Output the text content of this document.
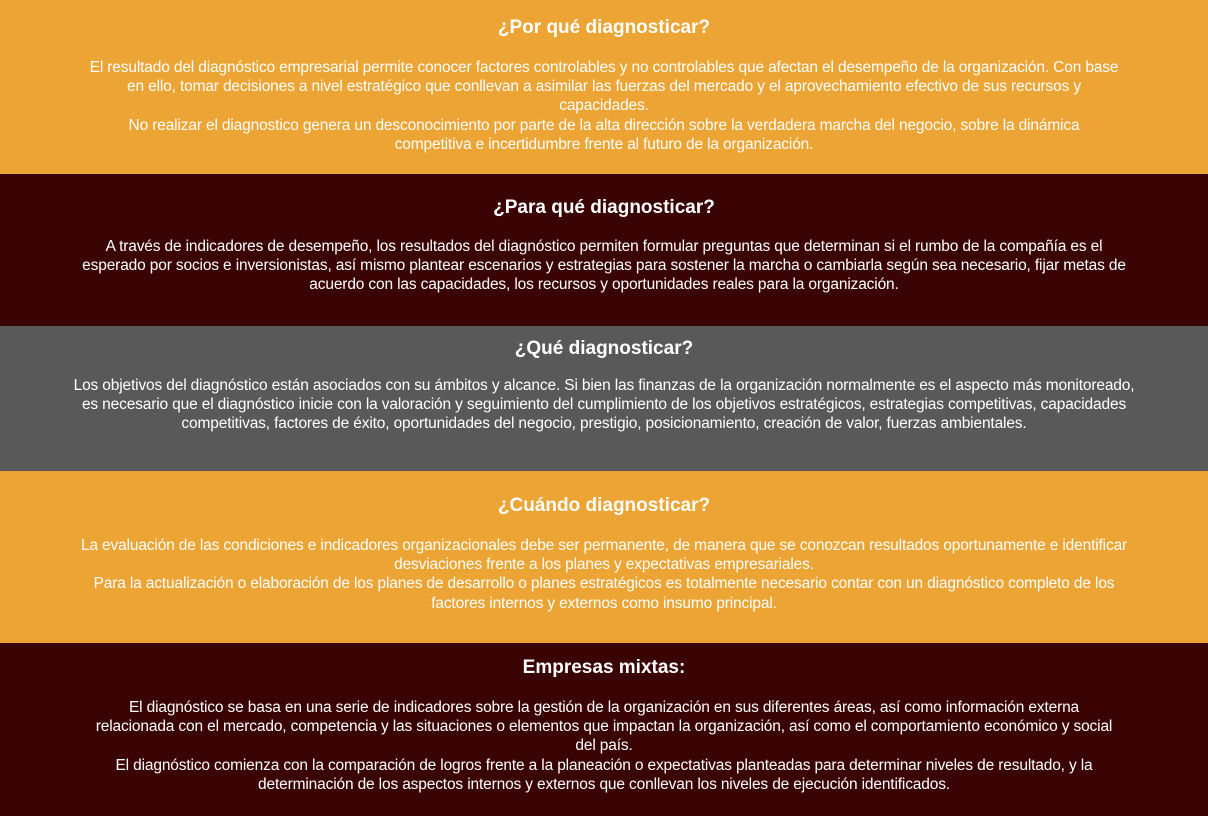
¿Por qué diagnosticar?

El resultado del diagnóstico empresarial permite conocer factores controlables y no controlables que afectan el desempeño de la organización. Con base en ello, tomar decisiones a nivel estratégico que conllevan a asimilar las fuerzas del mercado y el aprovechamiento efectivo de sus recursos y capacidades.

No realizar el diagnostico genera un desconocimiento por parte de la alta dirección sobre la verdadera marcha del negocio, sobre la dinámica competitiva e incertidumbre frente al futuro de la organización.

¿Para qué diagnosticar?

A través de indicadores de desempeño, los resultados del diagnóstico permiten formular preguntas que determinan si el rumbo de la compañía es el esperado por socios e inversionistas, así mismo plantear escenarios y estrategias para sostener la marcha o cambiarla según sea necesario, fijar metas de acuerdo con las capacidades, los recursos y oportunidades reales para la organización.

¿Qué diagnosticar?

Los objetivos del diagnóstico están asociados con su ámbitos y alcance. Si bien las finanzas de la organización normalmente es el aspecto más monitoreado, es necesario que el diagnóstico inicie con la valoración y seguimiento del cumplimiento de los objetivos estratégicos, estrategias competitivas, capacidades competitivas, factores de éxito, oportunidades del negocio, prestigio, posicionamiento, creación de valor, fuerzas ambientales.

¿Cuándo diagnosticar?

La evaluación de las condiciones e indicadores organizacionales debe ser permanente, de manera que se conozcan resultados oportunamente e identificar desviaciones frente a los planes y expectativas empresariales.

Para la actualización o elaboración de los planes de desarrollo o planes estratégicos es totalmente necesario contar con un diagnóstico completo de los factores internos y externos como insumo principal.

Empresas mixtas:

El diagnóstico se basa en una serie de indicadores sobre la gestión de la organización en sus diferentes áreas, así como información externa relacionada con el mercado, competencia y las situaciones o elementos que impactan la organización, así como el comportamiento económico y social del país.

El diagnóstico comienza con la comparación de logros frente a la planeación o expectativas planteadas para determinar niveles de resultado, y la determinación de los aspectos internos y externos que conllevan los niveles de ejecución identificados.
